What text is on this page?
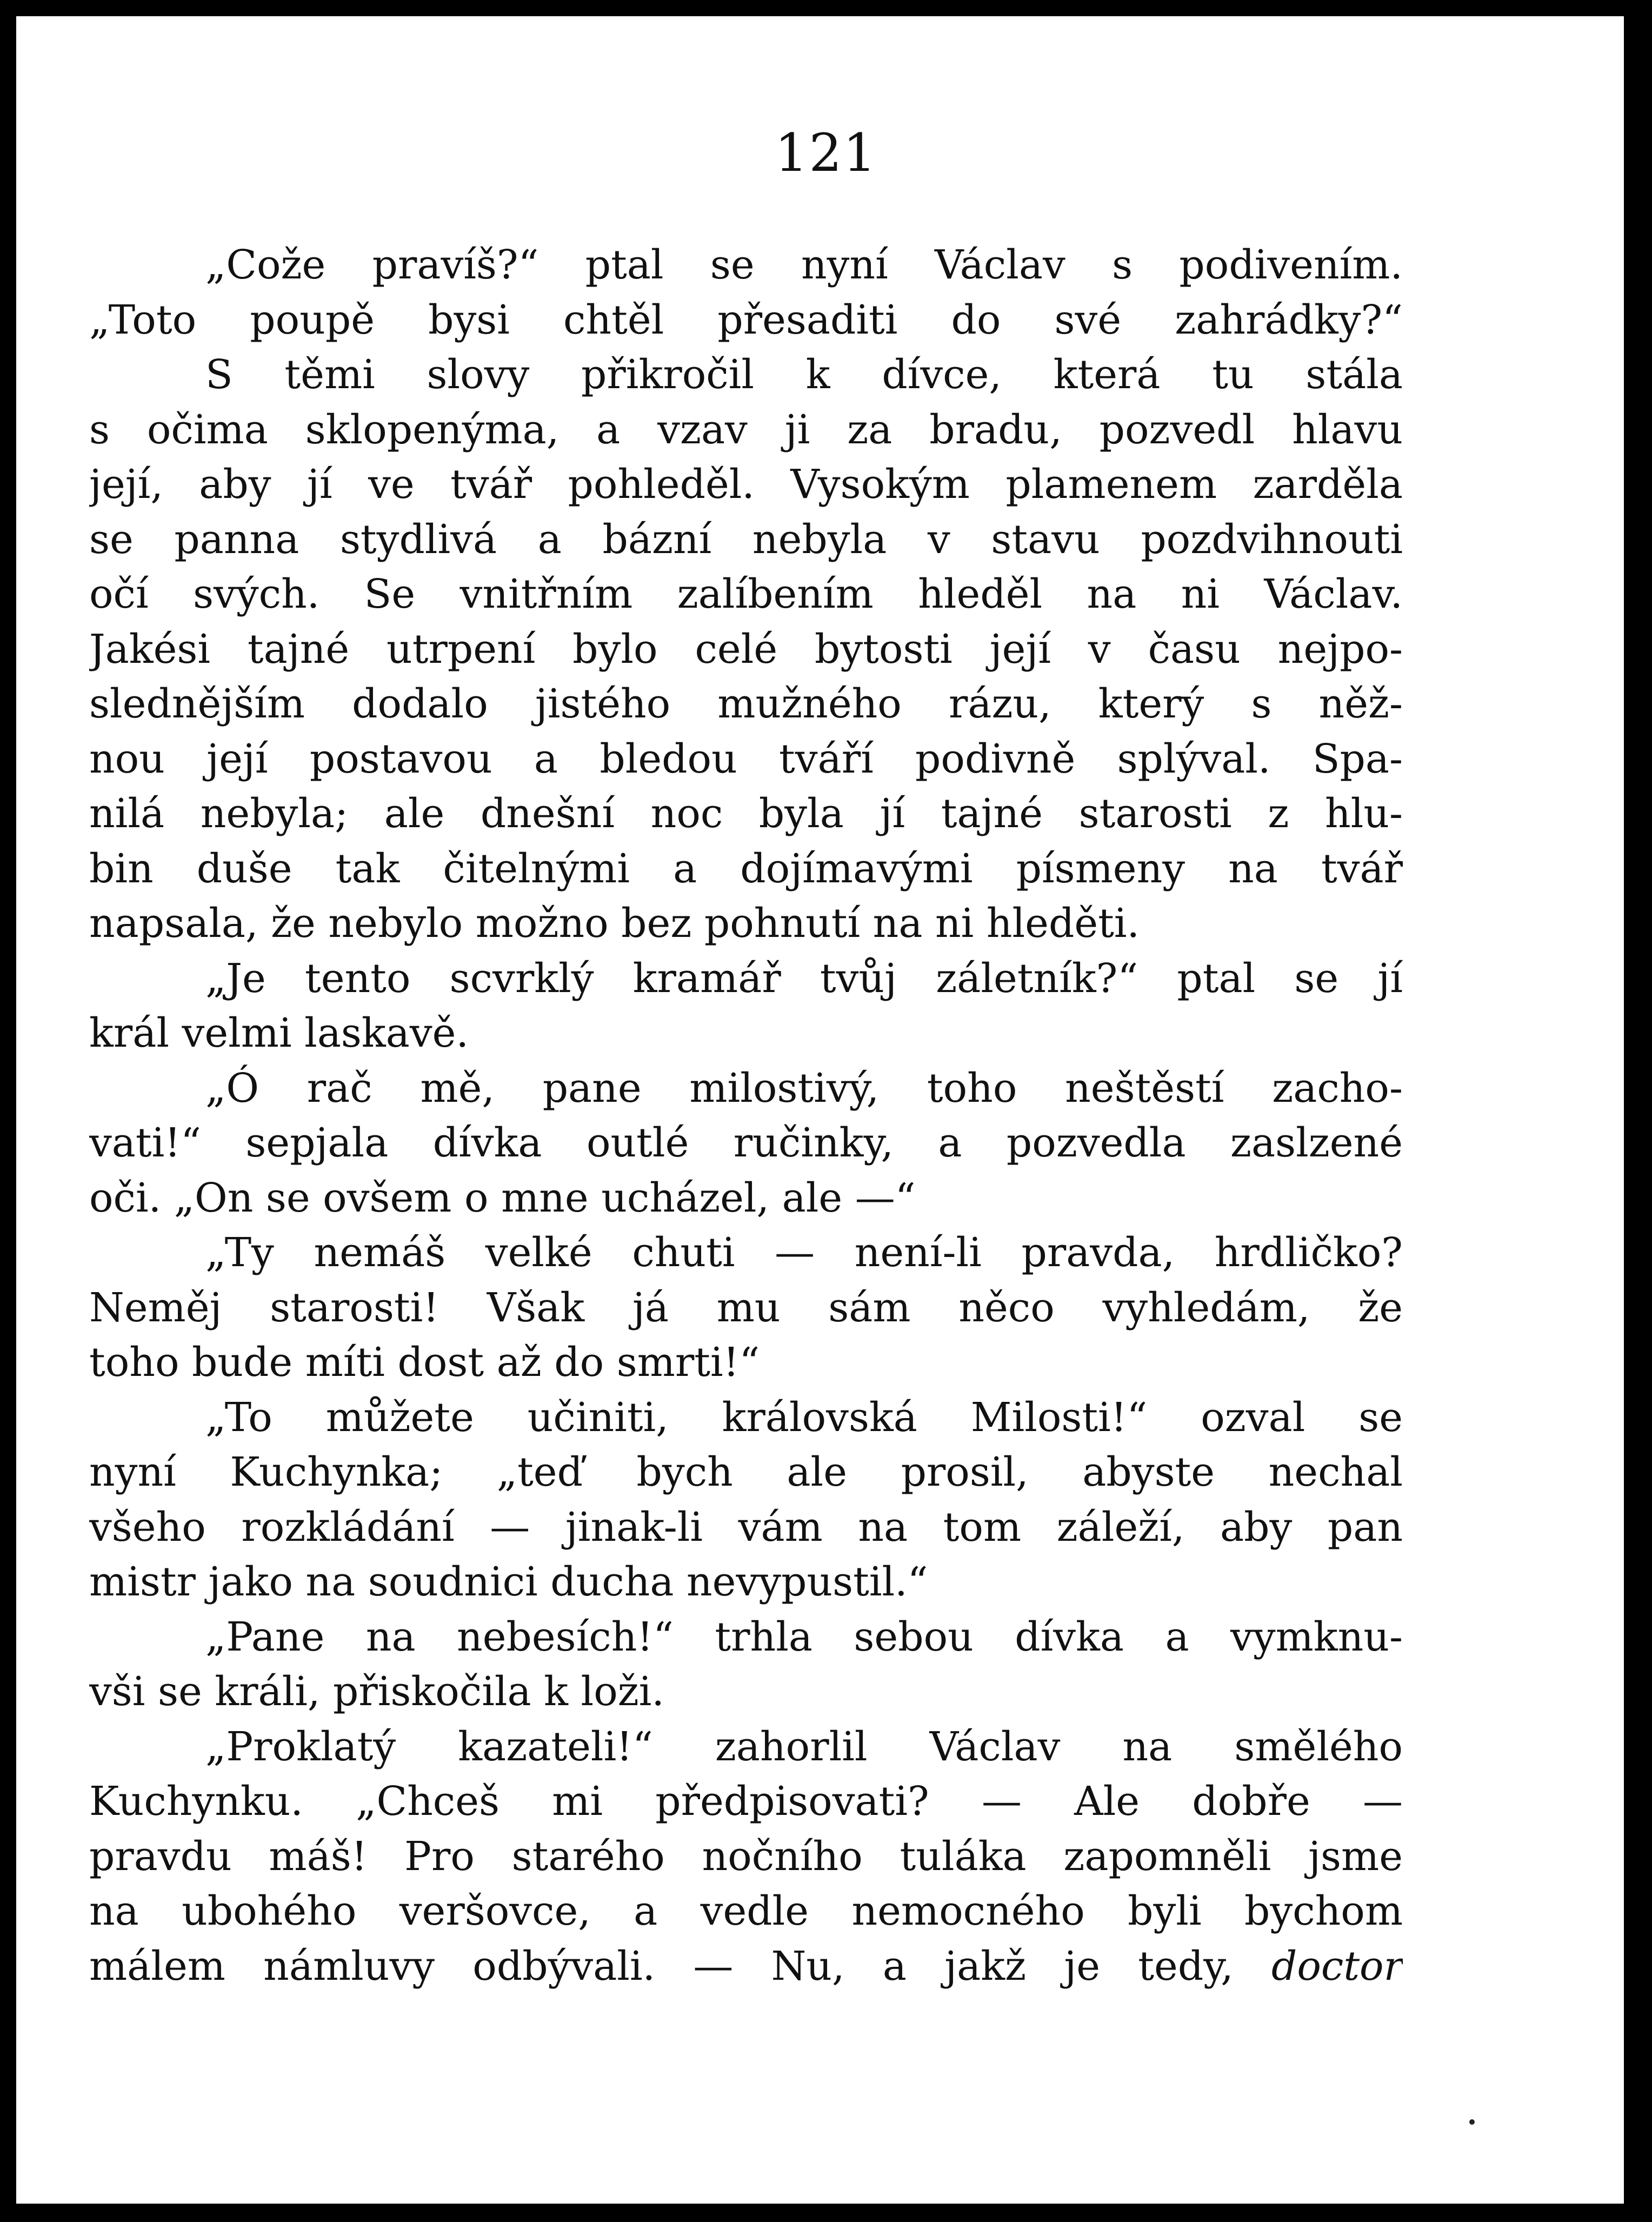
121
„Cože pravíš?“ ptal se nyní Václav s podivením.
„Toto poupě bysi chtěl přesaditi do své zahrádky?“
S těmi slovy přikročil k dívce, která tu stála
s očima sklopenýma, a vzav ji za bradu, pozvedl hlavu
její, aby jí ve tvář pohleděl. Vysokým plamenem zarděla
se panna stydlivá a bázní nebyla v stavu pozdvihnouti
očí svých. Se vnitřním zalíbením hleděl na ni Václav.
Jakési tajné utrpení bylo celé bytosti její v času nejpo-
slednějším dodalo jistého mužného rázu, který s něž-
nou její postavou a bledou tváří podivně splýval. Spa-
nilá nebyla; ale dnešní noc byla jí tajné starosti z hlu-
bin duše tak čitelnými a dojímavými písmeny na tvář
napsala, že nebylo možno bez pohnutí na ni hleděti.
„Je tento scvrklý kramář tvůj záletník?“ ptal se jí
král velmi laskavě.
„Ó rač mě, pane milostivý, toho neštěstí zacho-
vati!“ sepjala dívka outlé ručinky, a pozvedla zaslzené
oči. „On se ovšem o mne ucházel, ale —“
„Ty nemáš velké chuti — není-li pravda, hrdličko?
Neměj starosti! Však já mu sám něco vyhledám, že
toho bude míti dost až do smrti!“
„To můžete učiniti, královská Milosti!“ ozval se
nyní Kuchynka; „teď bych ale prosil, abyste nechal
všeho rozkládání — jinak-li vám na tom záleží, aby pan
mistr jako na soudnici ducha nevypustil.“
„Pane na nebesích!“ trhla sebou dívka a vymknu-
vši se králi, přiskočila k loži.
„Proklatý kazateli!“ zahorlil Václav na smělého
Kuchynku. „Chceš mi předpisovati? — Ale dobře —
pravdu máš! Pro starého nočního tuláka zapomněli jsme
na ubohého veršovce, a vedle nemocného byli bychom
málem námluvy odbývali. — Nu, a jakž je tedy, doctor
